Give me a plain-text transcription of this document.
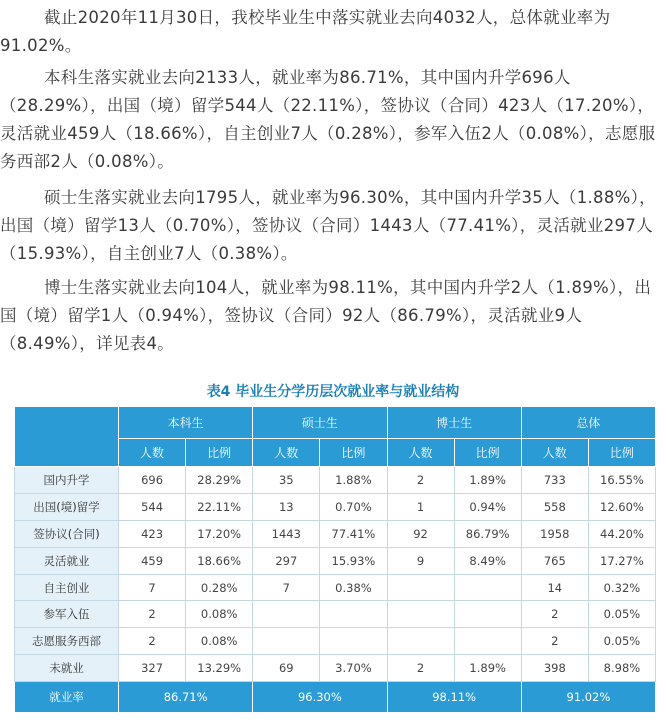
截止2020年11月30日，我校毕业生中落实就业去向4032人，总体就业率为91.02%。

本科生落实就业去向2133人，就业率为86.71%，其中国内升学696人（28.29%），出国（境）留学544人（22.11%），签协议（合同）423人（17.20%），灵活就业459人（18.66%），自主创业7人（0.28%），参军入伍2人（0.08%），志愿服务西部2人（0.08%）。

硕士生落实就业去向1795人，就业率为96.30%，其中国内升学35人（1.88%），出国（境）留学13人（0.70%），签协议（合同）1443人（77.41%），灵活就业297人（15.93%），自主创业7人（0.38%）。

博士生落实就业去向104人，就业率为98.11%，其中国内升学2人（1.89%），出国（境）留学1人（0.94%），签协议（合同）92人（86.79%），灵活就业9人（8.49%），详见表4。

表4 毕业生分学历层次就业率与就业结构

	本科生		硕士生		博士生		总体	
	人数	比例	人数	比例	人数	比例	人数	比例
国内升学	696	28.29%	35	1.88%	2	1.89%	733	16.55%
出国(境)留学	544	22.11%	13	0.70%	1	0.94%	558	12.60%
签协议(合同)	423	17.20%	1443	77.41%	92	86.79%	1958	44.20%
灵活就业	459	18.66%	297	15.93%	9	8.49%	765	17.27%
自主创业	7	0.28%	7	0.38%			14	0.32%
参军入伍	2	0.08%					2	0.05%
志愿服务西部	2	0.08%					2	0.05%
未就业	327	13.29%	69	3.70%	2	1.89%	398	8.98%
就业率	86.71%		96.30%		98.11%		91.02%	
